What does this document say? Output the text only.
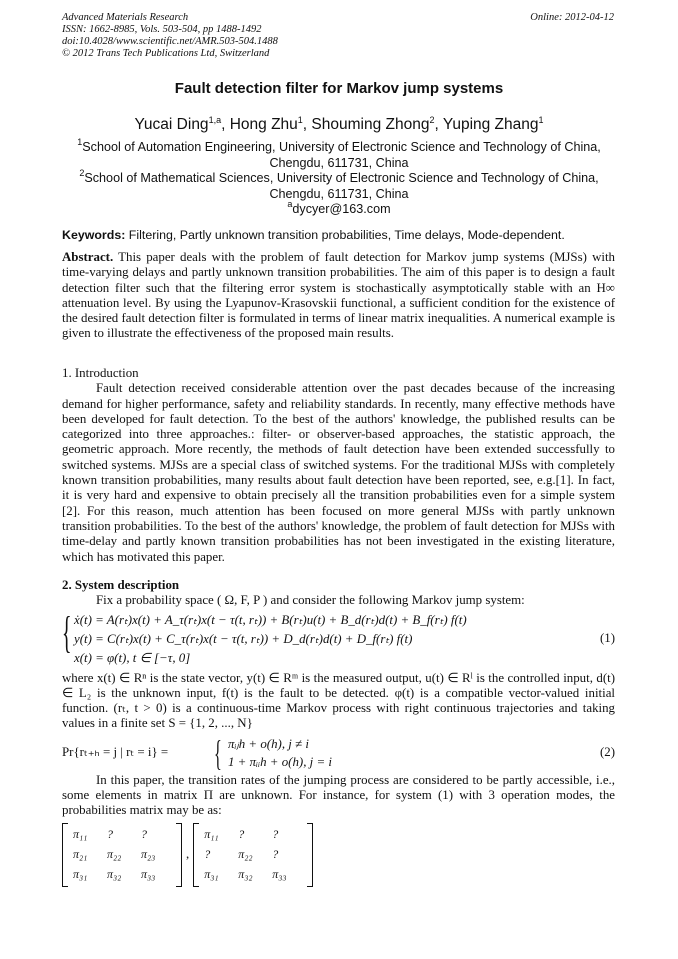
Advanced Materials Research
ISSN: 1662-8985, Vols. 503-504, pp 1488-1492
doi:10.4028/www.scientific.net/AMR.503-504.1488
© 2012 Trans Tech Publications Ltd, Switzerland
Online: 2012-04-12
Fault detection filter for Markov jump systems
Yucai Ding$^{1,a}$, Hong Zhu$^1$, Shouming Zhong$^2$, Yuping Zhang$^1$
$^1$School of Automation Engineering, University of Electronic Science and Technology of China, Chengdu, 611731, China
$^2$School of Mathematical Sciences, University of Electronic Science and Technology of China, Chengdu, 611731, China
$^a$dycyer@163.com
Keywords: Filtering, Partly unknown transition probabilities, Time delays, Mode-dependent.

Abstract. This paper deals with the problem of fault detection for Markov jump systems (MJSs) with time-varying delays and partly unknown transition probabilities. The aim of this paper is to design a fault detection filter such that the filtering error system is stochastically asymptotically stable with an H∞ attenuation level. By using the Lyapunov-Krasovskii functional, a sufficient condition for the existence of the desired fault detection filter is formulated in terms of linear matrix inequalities. A numerical example is given to illustrate the effectiveness of the proposed main results.

1. Introduction

Fault detection received considerable attention over the past decades because of the increasing demand for higher performance, safety and reliability standards. In recently, many effective methods have been developed for fault detection. To the best of the authors' knowledge, the published results can be categorized into three approaches.: filter- or observer-based approaches, the statistic approach, the geometric approach. More recently, the methods of fault detection have been extended successfully to switched systems. MJSs are a special class of switched systems. For the traditional MJSs with completely known transition probabilities, many results about fault detection have been reported, see, e.g.[1]. In fact, it is very hard and expensive to obtain precisely all the transition probabilities even for a simple system [2]. For this reason, much attention has been focused on more general MJSs with partly unknown transition probabilities. To the best of the authors' knowledge, the problem of fault detection for MJSs with time-delay and partly known transition probabilities has not been investigated in the existing literature, which has motivated this paper.

2. System description

Fix a probability space ( Ω, F, P ) and consider the following Markov jump system:

{ ẋ(t) = A(rₜ)x(t) + A_τ(rₜ)x(t − τ(t, rₜ)) + B(rₜ)u(t) + B_d(rₜ)d(t) + B_f(rₜ) f(t)
y(t) = C(rₜ)x(t) + C_τ(rₜ)x(t − τ(t, rₜ)) + D_d(rₜ)d(t) + D_f(rₜ) f(t)
x(t) = φ(t), t ∈ [−τ, 0]
(1)

where x(t) ∈ Rⁿ is the state vector, y(t) ∈ Rᵐ is the measured output, u(t) ∈ Rˡ is the controlled input, d(t) ∈ L₂ is the unknown input, f(t) is the fault to be detected. φ(t) is a compatible vector-valued initial function. (rₜ, t > 0) is a continuous-time Markov process with right continuous trajectories and taking values in a finite set S = {1, 2, ..., N}

Pr{rₜ₊ₕ = j | rₜ = i} = { πᵢⱼh + o(h), j ≠ i
1 + πᵢᵢh + o(h), j = i
(2)

In this paper, the transition rates of the jumping process are considered to be partly accessible, i.e., some elements in matrix Π are unknown. For instance, for system (1) with 3 operation modes, the probabilities matrix may be as:

π₁₁	?	?
π₂₁	π₂₂	π₂₃
π₃₁	π₃₂	π₃₃
,
π₁₁	?	?
?	π₂₂	?
π₃₁	π₃₂	π₃₃
